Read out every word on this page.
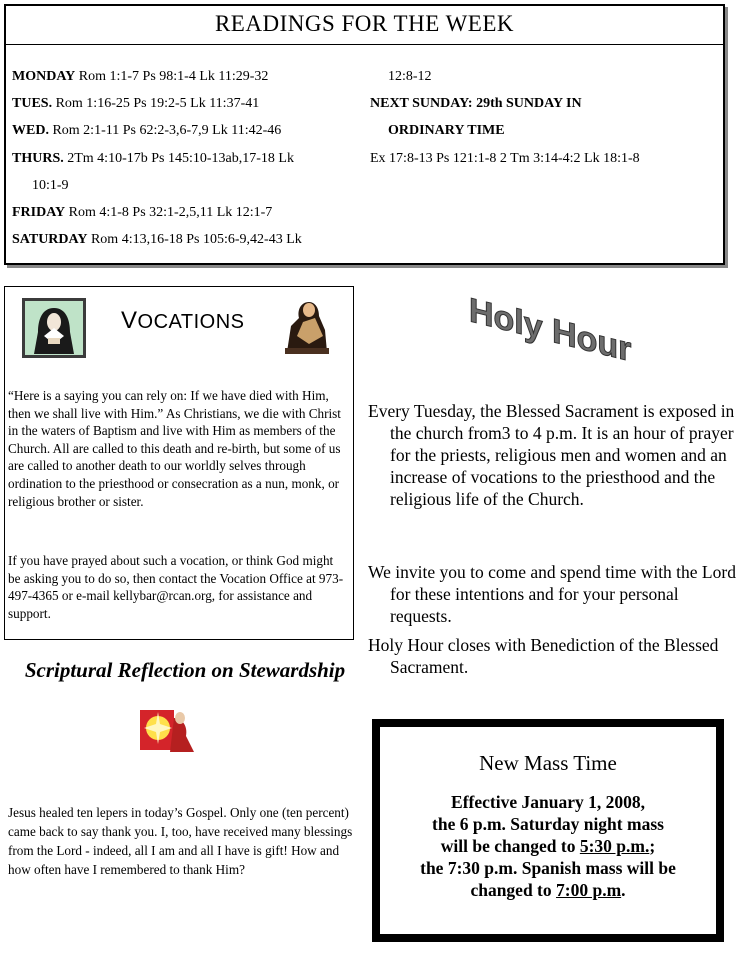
READINGS FOR THE WEEK
MONDAY Rom 1:1-7 Ps 98:1-4 Lk 11:29-32
TUES. Rom 1:16-25 Ps 19:2-5 Lk 11:37-41
WED. Rom 2:1-11 Ps 62:2-3,6-7,9 Lk 11:42-46
THURS. 2Tm 4:10-17b Ps 145:10-13ab,17-18 Lk
10:1-9
FRIDAY Rom 4:1-8 Ps 32:1-2,5,11 Lk 12:1-7
SATURDAY Rom 4:13,16-18 Ps 105:6-9,42-43 Lk
12:8-12
NEXT SUNDAY: 29th SUNDAY IN
ORDINARY TIME
Ex 17:8-13 Ps 121:1-8 2 Tm 3:14-4:2 Lk 18:1-8
VOCATIONS
“Here is a saying you can rely on: If we have died with Him, then we shall live with Him.” As Christians, we die with Christ in the waters of Baptism and live with Him as members of the Church. All are called to this death and re-birth, but some of us are called to another death to our worldly selves through ordination to the priesthood or consecration as a nun, monk, or religious brother or sister.
If you have prayed about such a vocation, or think God might be asking you to do so, then contact the Vocation Office at 973-497-4365 or e-mail kellybar@rcan.org, for assistance and support.
Holy Hour
Every Tuesday, the Blessed Sacrament is exposed in the church from3 to 4 p.m. It is an hour of prayer for the priests, religious men and women and an increase of vocations to the priesthood and the religious life of the Church.
We invite you to come and spend time with the Lord for these intentions and for your personal requests.
Holy Hour closes with Benediction of the Blessed Sacrament.
Scriptural Reflection on Stewardship
Jesus healed ten lepers in today’s Gospel. Only one (ten percent) came back to say thank you. I, too, have received many blessings from the Lord - indeed, all I am and all I have is gift! How and how often have I remembered to thank Him?
New Mass Time
Effective January 1, 2008,
the 6 p.m. Saturday night mass
will be changed to 5:30 p.m.;
the 7:30 p.m. Spanish mass will be
changed to 7:00 p.m.
